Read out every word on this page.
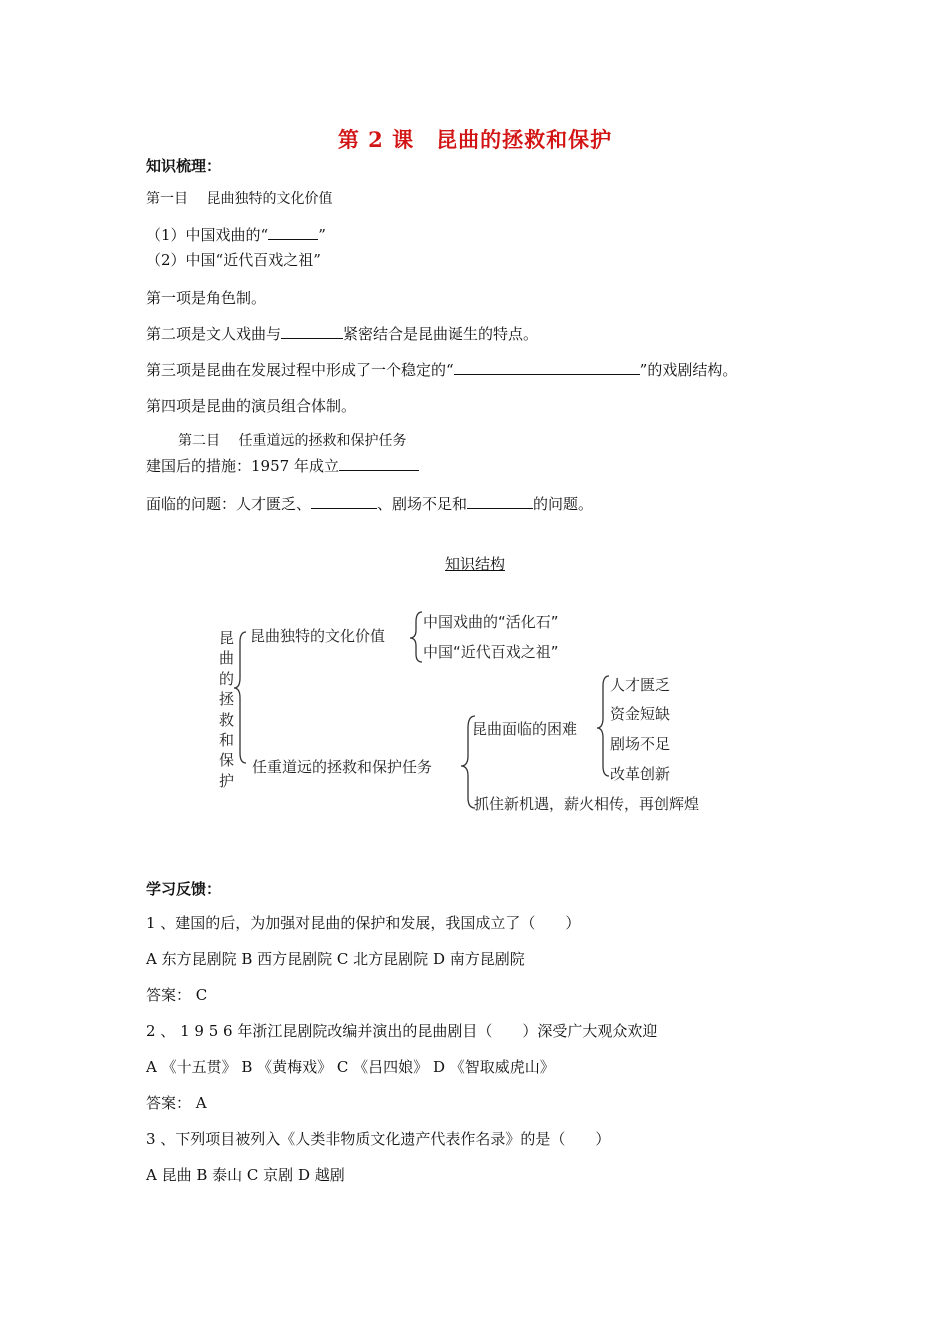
第 2 课　昆曲的拯救和保护
知识梳理：
第一目　 昆曲独特的文化价值
（1）中国戏曲的“	”
（2）中国“近代百戏之祖”
第一项是角色制。
第二项是文人戏曲与	紧密结合是昆曲诞生的特点。
第三项是昆曲在发展过程中形成了一个稳定的“	”的戏剧结构。
第四项是昆曲的演员组合体制。
第二目　 任重道远的拯救和保护任务
建国后的措施：1957 年成立
面临的问题：人才匮乏、	、剧场不足和	的问题。
知识结构
昆
曲
的
拯
救
和
保
护
昆曲独特的文化价值
任重道远的拯救和保护任务
中国戏曲的“活化石”
中国“近代百戏之祖”
昆曲面临的困难
抓住新机遇，薪火相传，再创辉煌
人才匮乏
资金短缺
剧场不足
改革创新
学习反馈：
1 、建国的后，为加强对昆曲的保护和发展，我国成立了（　　）
A 东方昆剧院 B 西方昆剧院 C 北方昆剧院 D 南方昆剧院
答案： C
2 、 1 9 5 6 年浙江昆剧院改编并演出的昆曲剧目（　　）深受广大观众欢迎
A 《十五贯》 B 《黄梅戏》 C 《吕四娘》 D 《智取威虎山》
答案： A
3 、下列项目被列入《人类非物质文化遗产代表作名录》的是（　　）
A 昆曲 B 泰山 C 京剧 D 越剧
